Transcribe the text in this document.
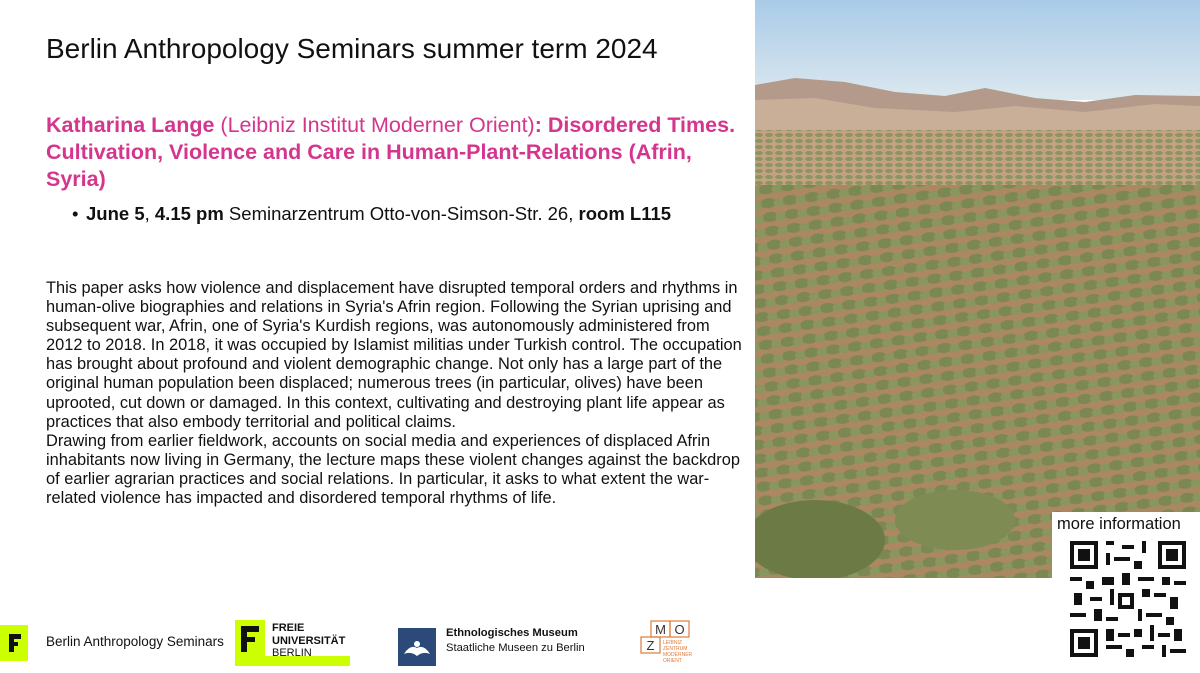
Berlin Anthropology Seminars summer term 2024
Katharina Lange (Leibniz Institut Moderner Orient): Disordered Times. Cultivation, Violence and Care in Human-Plant-Relations (Afrin, Syria)
• June 5, 4.15 pm Seminarzentrum Otto-von-Simson-Str. 26, room L115

This paper asks how violence and displacement have disrupted temporal orders and rhythms in human-olive biographies and relations in Syria's Afrin region. Following the Syrian uprising and subsequent war, Afrin, one of Syria's Kurdish regions, was autonomously administered from 2012 to 2018. In 2018, it was occupied by Islamist militias under Turkish control. The occupation has brought about profound and violent demographic change. Not only has a large part of the original human population been displaced; numerous trees (in particular, olives) have been uprooted, cut down or damaged. In this context, cultivating and destroying plant life appear as practices that also embody territorial and political claims.

Drawing from earlier fieldwork, accounts on social media and experiences of displaced Afrin inhabitants now living in Germany, the lecture maps these violent changes against the backdrop of earlier agrarian practices and social relations. In particular, it asks to what extent the war-related violence has impacted and disordered temporal rhythms of life.

more information
Berlin Anthropology Seminars
FREIE
UNIVERSITÄT
BERLIN
Ethnologisches Museum
Staatliche Museen zu Berlin
M O
Z LEIBNIZ
ZENTRUM
MODERNER
ORIENT
